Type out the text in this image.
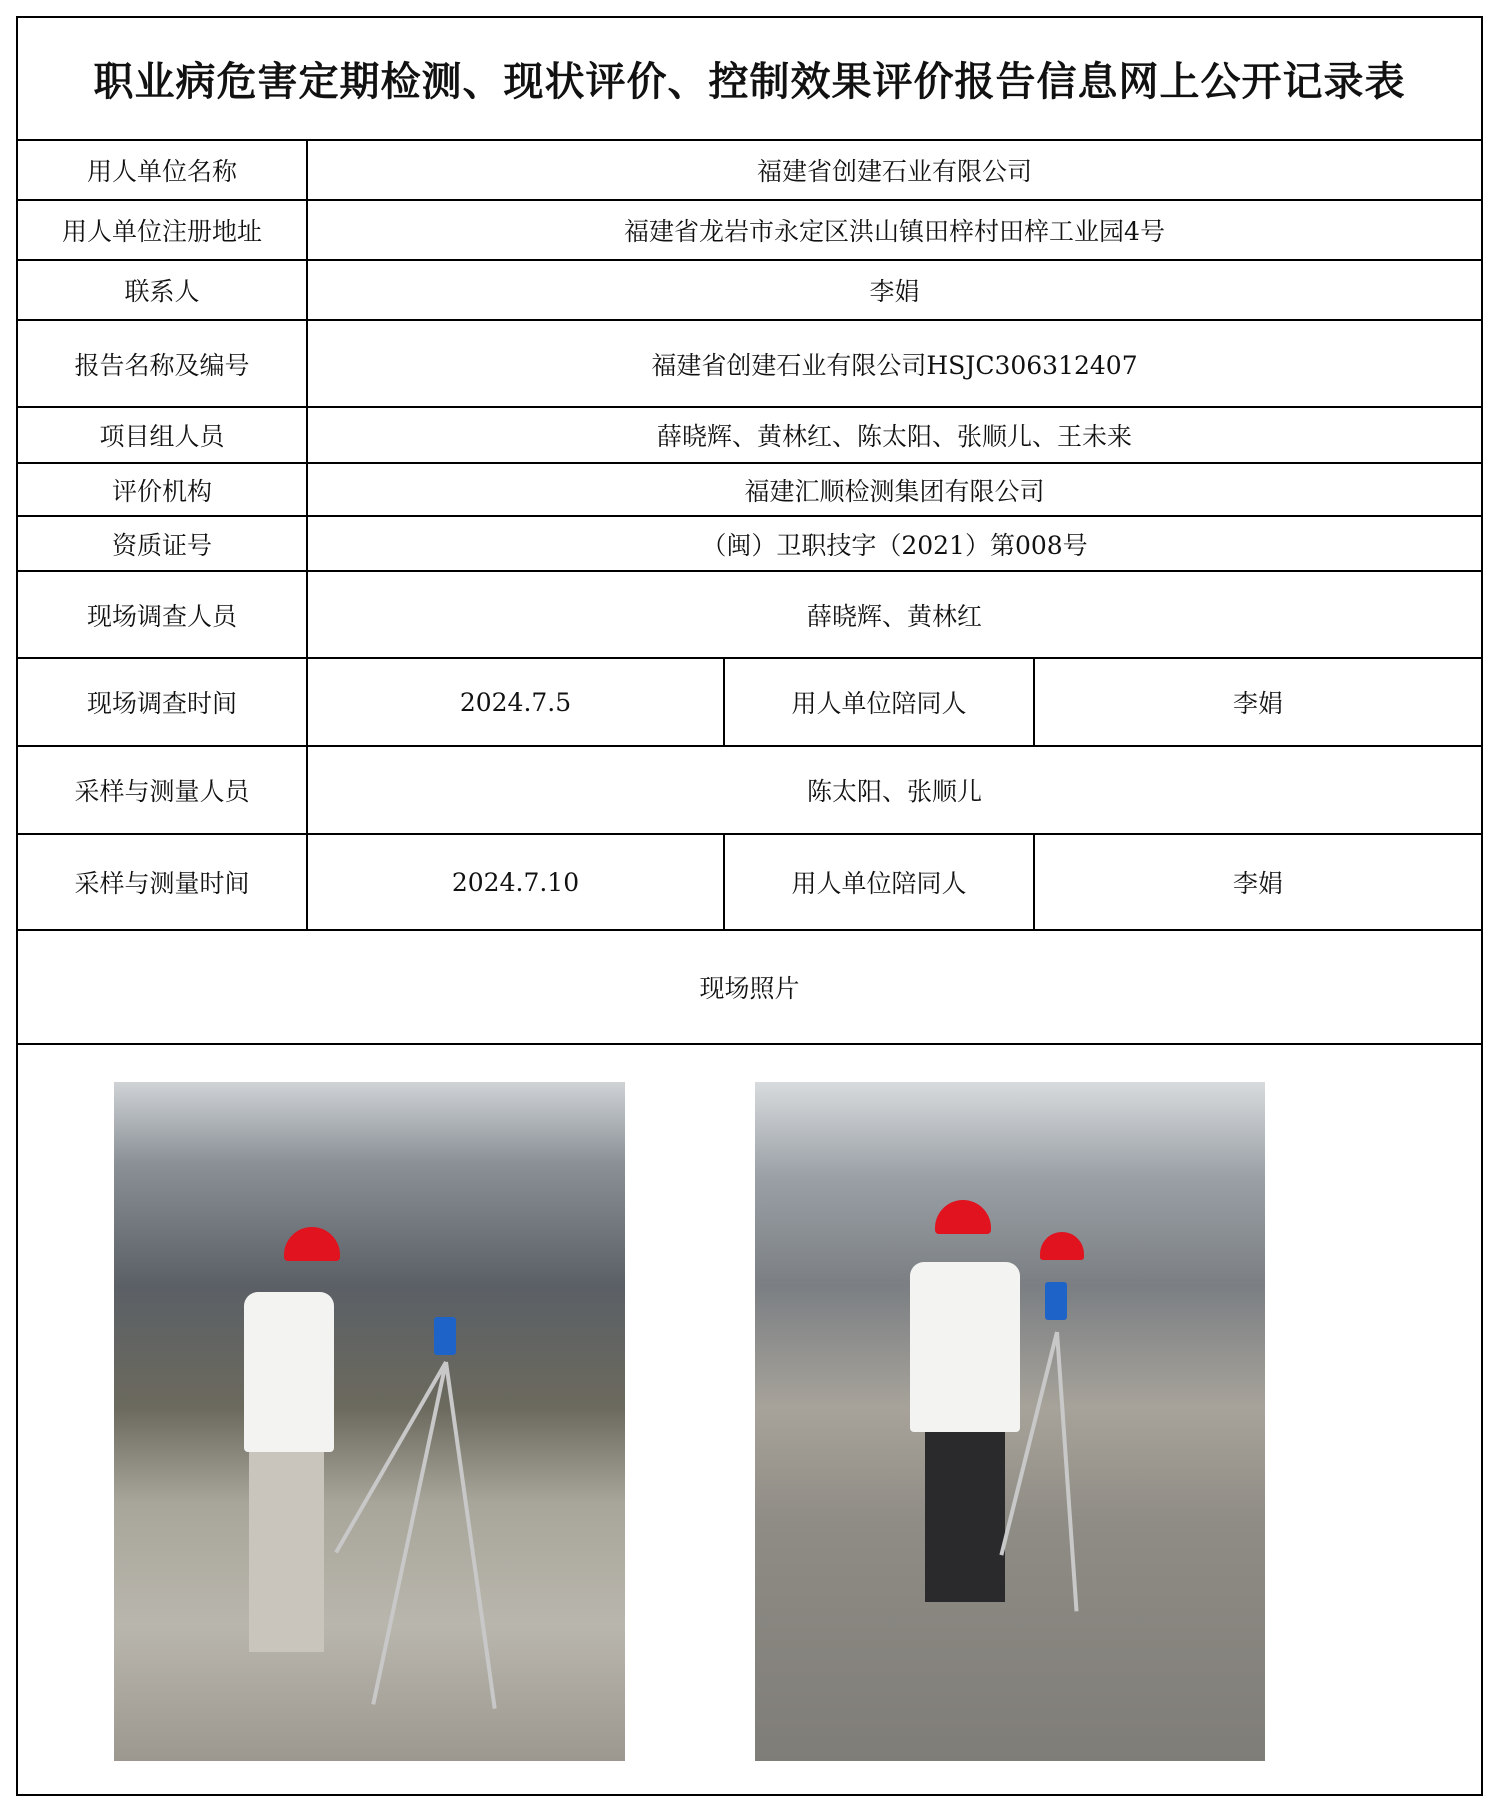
职业病危害定期检测、现状评价、控制效果评价报告信息网上公开记录表
用人单位名称	福建省创建石业有限公司
用人单位注册地址	福建省龙岩市永定区洪山镇田梓村田梓工业园4号
联系人	李娟
报告名称及编号	福建省创建石业有限公司HSJC306312407
项目组人员	薛晓辉、黄林红、陈太阳、张顺儿、王未来
评价机构	福建汇顺检测集团有限公司
资质证号	（闽）卫职技字（2021）第008号
现场调查人员	薛晓辉、黄林红
现场调查时间	2024.7.5	用人单位陪同人	李娟
采样与测量人员	陈太阳、张顺儿
采样与测量时间	2024.7.10	用人单位陪同人	李娟
现场照片
